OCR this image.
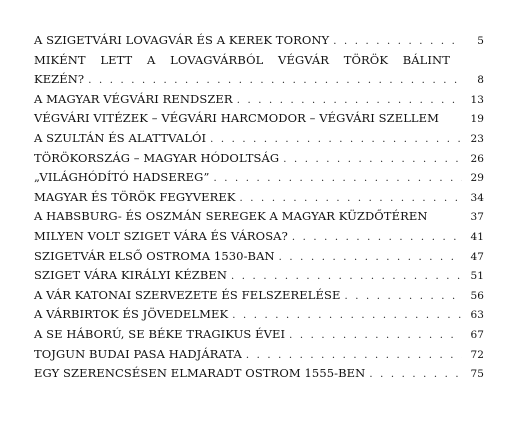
A SZIGETVÁRI LOVAGVÁR ÉS A KEREK TORONY . . .	5
MIKÉNT LETT A LOVAGVÁRBÓL VÉGVÁR TÖRÖK BÁLINT
KEZÉN? . . .	8
A MAGYAR VÉGVÁRI RENDSZER . . .	13
VÉGVÁRI VITÉZEK – VÉGVÁRI HARCMODOR – VÉGVÁRI SZELLEM	19
A SZULTÁN ÉS ALATTVALÓI . . .	23
TÖRÖKORSZÁG – MAGYAR HÓDOLTSÁG . . .	26
„VILÁGHÓDÍTÓ HADSEREG” . . .	29
MAGYAR ÉS TÖRÖK FEGYVEREK . . .	34
A HABSBURG- ÉS OSZMÁN SEREGEK A MAGYAR KÜZDŐTÉREN	37
MILYEN VOLT SZIGET VÁRA ÉS VÁROSA? . . .	41
SZIGETVÁR ELSŐ OSTROMA 1530-BAN . . .	47
SZIGET VÁRA KIRÁLYI KÉZBEN . . .	51
A VÁR KATONAI SZERVEZETE ÉS FELSZERELÉSE . . .	56
A VÁRBIRTOK ÉS JÖVEDELMEK . . .	63
A SE HÁBORÚ, SE BÉKE TRAGIKUS ÉVEI . . .	67
TOJGUN BUDAI PASA HADJÁRATA . . .	72
EGY SZERENCSÉSEN ELMARADT OSTROM 1555-BEN . . .	75
